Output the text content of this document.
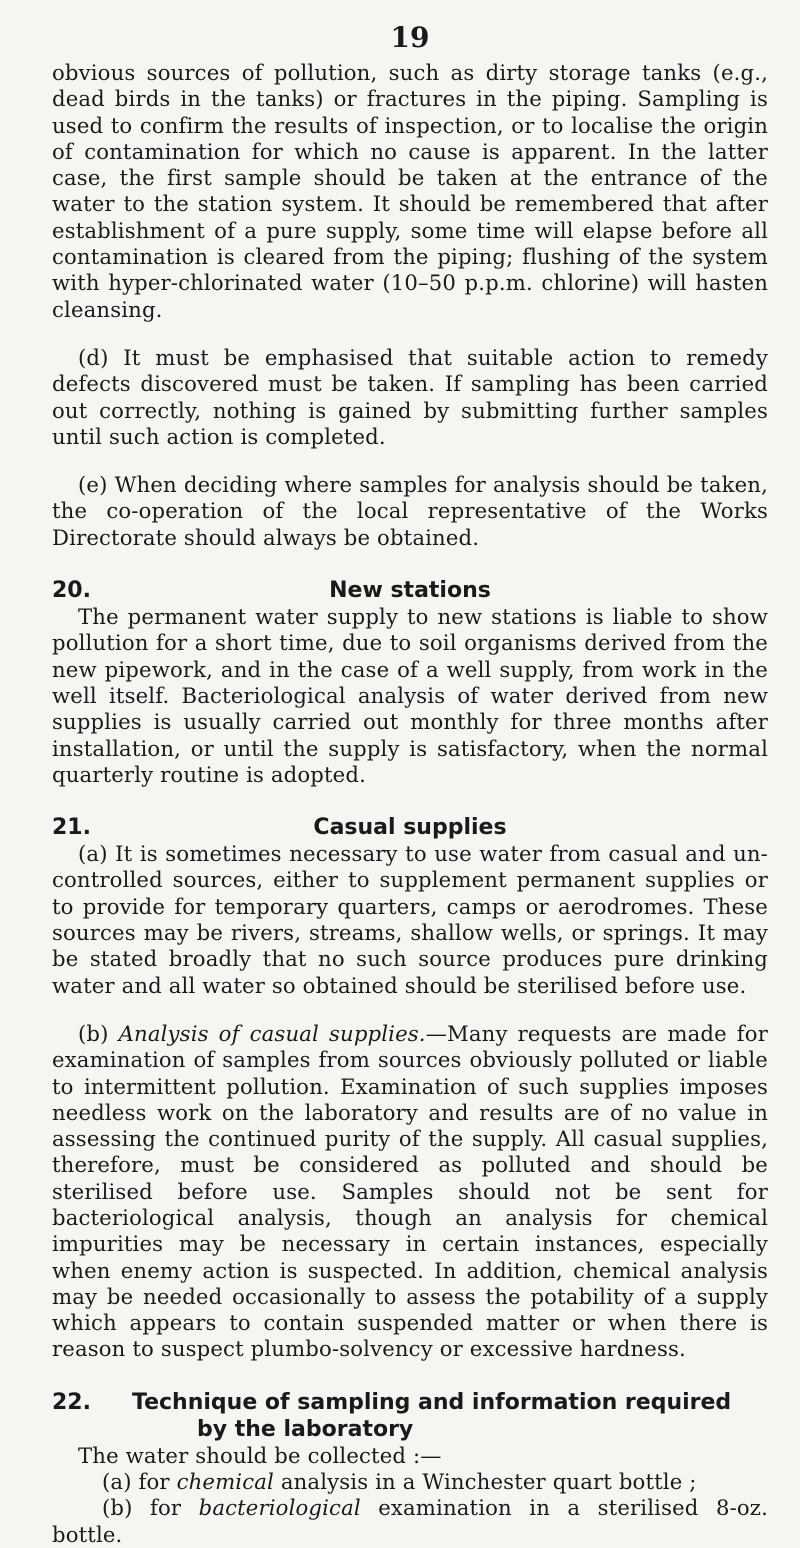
19

obvious sources of pollution, such as dirty storage tanks (e.g., dead birds in the tanks) or fractures in the piping. Sampling is used to confirm the results of inspection, or to localise the origin of contamination for which no cause is apparent. In the latter case, the first sample should be taken at the entrance of the water to the station system. It should be remembered that after establishment of a pure supply, some time will elapse before all contamination is cleared from the piping; flushing of the system with hyper-chlorinated water (10–50 p.p.m. chlorine) will hasten cleansing.

(d) It must be emphasised that suitable action to remedy defects discovered must be taken. If sampling has been carried out correctly, nothing is gained by submitting further samples until such action is completed.

(e) When deciding where samples for analysis should be taken, the co-operation of the local representative of the Works Directorate should always be obtained.

20.	New stations

The permanent water supply to new stations is liable to show pollution for a short time, due to soil organisms derived from the new pipework, and in the case of a well supply, from work in the well itself. Bacteriological analysis of water derived from new supplies is usually carried out monthly for three months after installation, or until the supply is satisfactory, when the normal quarterly routine is adopted.

21.	Casual supplies

(a) It is sometimes necessary to use water from casual and un-controlled sources, either to supplement permanent supplies or to provide for temporary quarters, camps or aerodromes. These sources may be rivers, streams, shallow wells, or springs. It may be stated broadly that no such source produces pure drinking water and all water so obtained should be sterilised before use.

(b) Analysis of casual supplies.—Many requests are made for examination of samples from sources obviously polluted or liable to intermittent pollution. Examination of such supplies imposes needless work on the laboratory and results are of no value in assessing the continued purity of the supply. All casual supplies, therefore, must be considered as polluted and should be sterilised before use. Samples should not be sent for bacteriological analysis, though an analysis for chemical impurities may be necessary in certain instances, especially when enemy action is suspected. In addition, chemical analysis may be needed occasionally to assess the potability of a supply which appears to contain suspended matter or when there is reason to suspect plumbo-solvency or excessive hardness.

22.	Technique of sampling and information required
by the laboratory

The water should be collected :—

(a) for chemical analysis in a Winchester quart bottle ;

(b) for bacteriological examination in a sterilised 8-oz. bottle.
